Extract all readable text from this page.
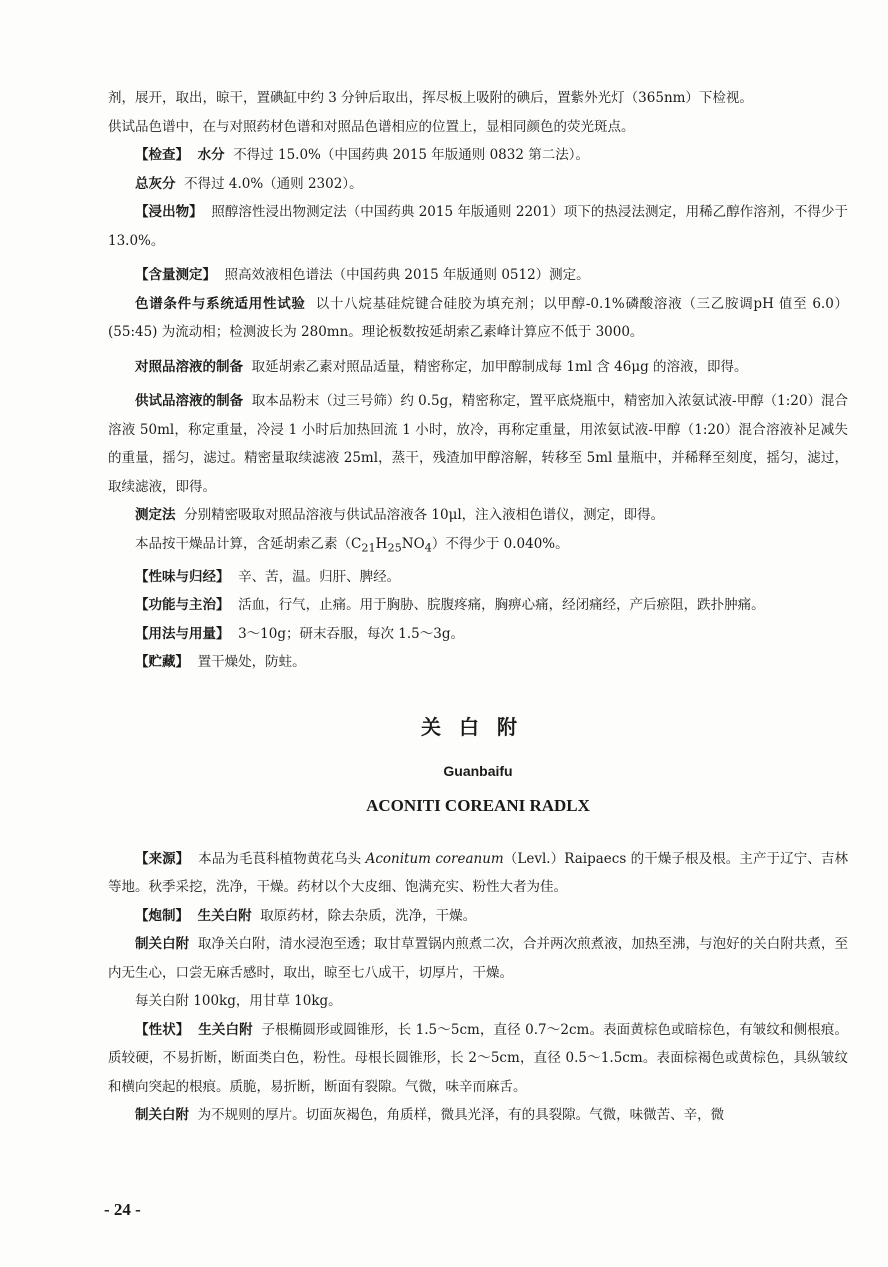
剂，展开，取出，晾干，置碘缸中约 3 分钟后取出，挥尽板上吸附的碘后，置紫外光灯（365nm）下检视。
供试品色谱中，在与对照药材色谱和对照品色谱相应的位置上，显相同颜色的荧光斑点。

【检查】 水分 不得过 15.0%（中国药典 2015 年版通则 0832 第二法）。

总灰分 不得过 4.0%（通则 2302）。

【浸出物】 照醇溶性浸出物测定法（中国药典 2015 年版通则 2201）项下的热浸法测定，用稀乙醇作溶剂，不得少于 13.0%。

【含量测定】 照高效液相色谱法（中国药典 2015 年版通则 0512）测定。

色谱条件与系统适用性试验 以十八烷基硅烷键合硅胶为填充剂；以甲醇-0.1%磷酸溶液（三乙胺调pH 值至 6.0）(55:45) 为流动相；检测波长为 280mn。理论板数按延胡索乙素峰计算应不低于 3000。

对照品溶液的制备 取延胡索乙素对照品适量，精密称定，加甲醇制成每 1ml 含 46μg 的溶液，即得。

供试品溶液的制备 取本品粉末（过三号筛）约 0.5g，精密称定，置平底烧瓶中，精密加入浓氨试液-甲醇（1:20）混合溶液 50ml，称定重量，冷浸 1 小时后加热回流 1 小时，放冷，再称定重量，用浓氨试液-甲醇（1:20）混合溶液补足减失的重量，摇匀，滤过。精密量取续滤液 25ml，蒸干，残渣加甲醇溶解，转移至 5ml 量瓶中，并稀释至刻度，摇匀，滤过，取续滤液，即得。

测定法 分别精密吸取对照品溶液与供试品溶液各 10μl，注入液相色谱仪，测定，即得。

本品按干燥品计算，含延胡索乙素$(C_{21}H_{25}NO_4)$不得少于 0.040%。

【性味与归经】 辛、苦，温。归肝、脾经。

【功能与主治】 活血，行气，止痛。用于胸胁、脘腹疼痛，胸痹心痛，经闭痛经，产后瘀阻，跌扑肿痛。

【用法与用量】 3～10g；研末吞服，每次 1.5～3g。

【贮藏】 置干燥处，防蛀。

关白附
Guanbaifu
ACONITI COREANI RADLX

【来源】 本品为毛茛科植物黄花乌头 Aconitum coreanum（Levl.）Raipaecs 的干燥子根及根。主产于辽宁、吉林等地。秋季采挖，洗净，干燥。药材以个大皮细、饱满充实、粉性大者为佳。

【炮制】 生关白附 取原药材，除去杂质，洗净，干燥。

制关白附 取净关白附，清水浸泡至透；取甘草置锅内煎煮二次，合并两次煎煮液，加热至沸，与泡好的关白附共煮，至内无生心，口尝无麻舌感时，取出，晾至七八成干，切厚片，干燥。

每关白附 100kg，用甘草 10kg。

【性状】 生关白附 子根椭圆形或圆锥形，长 1.5～5cm，直径 0.7～2cm。表面黄棕色或暗棕色，有皱纹和侧根痕。质较硬，不易折断，断面类白色，粉性。母根长圆锥形，长 2～5cm，直径 0.5～1.5cm。表面棕褐色或黄棕色，具纵皱纹和横向突起的根痕。质脆，易折断，断面有裂隙。气微，味辛而麻舌。

制关白附 为不规则的厚片。切面灰褐色，角质样，微具光泽，有的具裂隙。气微，味微苦、辛，微

- 24 -
